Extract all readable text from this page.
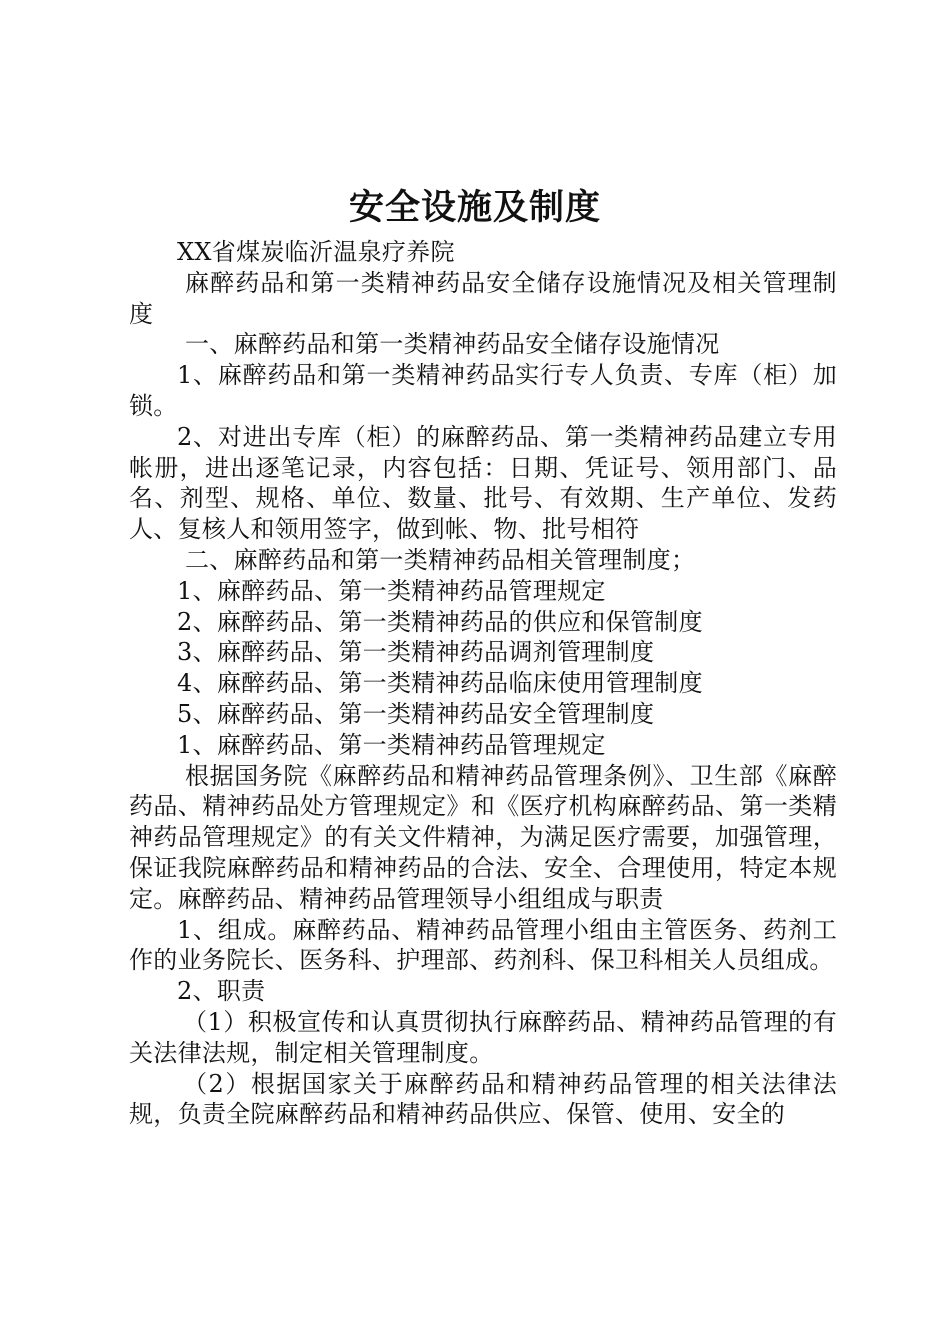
安全设施及制度

XX省煤炭临沂温泉疗养院

麻醉药品和第一类精神药品安全储存设施情况及相关管理制度

一、麻醉药品和第一类精神药品安全储存设施情况

1、麻醉药品和第一类精神药品实行专人负责、专库（柜）加锁。

2、对进出专库（柜）的麻醉药品、第一类精神药品建立专用帐册，进出逐笔记录，内容包括：日期、凭证号、领用部门、品名、剂型、规格、单位、数量、批号、有效期、生产单位、发药人、复核人和领用签字，做到帐、物、批号相符

二、麻醉药品和第一类精神药品相关管理制度；

1、麻醉药品、第一类精神药品管理规定

2、麻醉药品、第一类精神药品的供应和保管制度

3、麻醉药品、第一类精神药品调剂管理制度

4、麻醉药品、第一类精神药品临床使用管理制度

5、麻醉药品、第一类精神药品安全管理制度

1、麻醉药品、第一类精神药品管理规定

根据国务院《麻醉药品和精神药品管理条例》、卫生部《麻醉药品、精神药品处方管理规定》和《医疗机构麻醉药品、第一类精神药品管理规定》的有关文件精神，为满足医疗需要，加强管理，保证我院麻醉药品和精神药品的合法、安全、合理使用，特定本规定。麻醉药品、精神药品管理领导小组组成与职责

1、组成。麻醉药品、精神药品管理小组由主管医务、药剂工作的业务院长、医务科、护理部、药剂科、保卫科相关人员组成。

2、职责

（1）积极宣传和认真贯彻执行麻醉药品、精神药品管理的有关法律法规，制定相关管理制度。

（2）根据国家关于麻醉药品和精神药品管理的相关法律法规，负责全院麻醉药品和精神药品供应、保管、使用、安全的
